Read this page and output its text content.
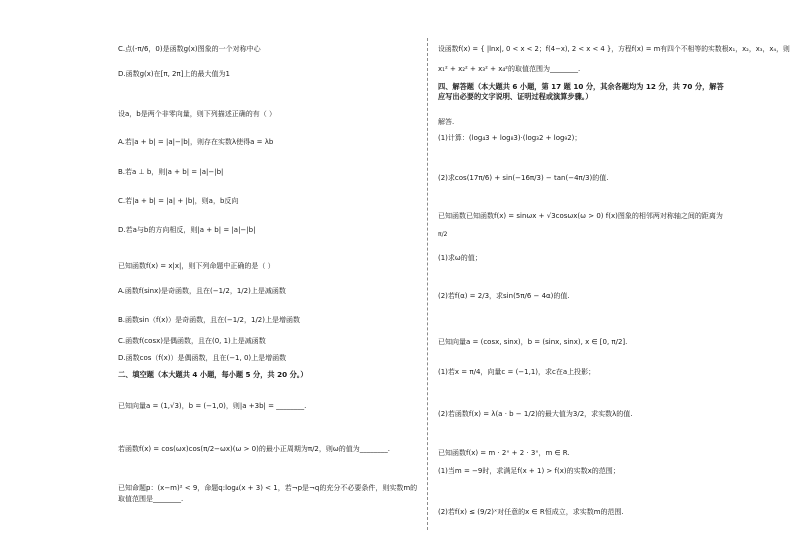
C.点(-π/6，0)是函数g(x)图象的一个对称中心
D.函数g(x)在[π, 2π]上的最大值为1
设a，b是两个非零向量，则下列描述正确的有（ ）
A.若|a + b| = |a|−|b|，则存在实数λ使得a = λb
B.若a ⊥ b，则|a + b| = |a|−|b|
C.若|a + b| = |a| + |b|，则a，b反向
D.若a与b的方向相反，则|a + b| = |a|−|b|
已知函数f(x) = x|x|，则下列命题中正确的是（ ）
A.函数f(sinx)是奇函数，且在(−1/2，1/2)上是减函数
B.函数sin（f(x)）是奇函数，且在(−1/2，1/2)上是增函数
C.函数f(cosx)是偶函数，且在(0, 1)上是减函数
D.函数cos（f(x)）是偶函数，且在(−1, 0)上是增函数
二、填空题（本大题共 4 小题，每小题 5 分，共 20 分。）
已知向量a = (1,√3)，b = (−1,0)，则|a +3b| = ________.
若函数f(x) = cos(ωx)cos(π/2−ωx)(ω > 0)的最小正周期为π/2，则ω的值为________.
已知命题p：(x−m)² < 9，命题q:log₄(x + 3) < 1，若¬p是¬q的充分不必要条件，则实数m的
取值范围是________.
设函数f(x) = { |lnx|, 0 < x < 2；f(4−x), 2 < x < 4 }，方程f(x) = m有四个不相等的实数根x₁，x₂，x₃，x₄，则
x₁² + x₂² + x₃² + x₄²的取值范围为________.
四、解答题（本大题共 6 小题，第 17 题 10 分，其余各题均为 12 分，共 70 分，解答
应写出必要的文字说明、证明过程或演算步骤。）
解答.
(1)计算：(log₄3 + log₈3)·(log₃2 + log₉2)；
(2)求cos(17π/6) + sin(−16π/3) − tan(−4π/3)的值.
已知函数已知函数f(x) = sinωx + √3cosωx(ω > 0) f(x)图象的相邻两对称轴之间的距离为
π/2
(1)求ω的值；
(2)若f(α) = 2/3，求sin(5π/6 − 4α)的值.
已知向量a = (cosx, sinx)，b = (sinx, sinx), x ∈ [0, π/2].
(1)若x = π/4，向量c = (−1,1)，求c在a上投影；
(2)若函数f(x) = λ(a · b − 1/2)的最大值为3/2，求实数λ的值.
已知函数f(x) = m · 2ˣ + 2 · 3ˣ，m ∈ R.
(1)当m = −9时，求满足f(x + 1) > f(x)的实数x的范围；
(2)若f(x) ≤ (9/2)ˣ对任意的x ∈ R恒成立，求实数m的范围.
